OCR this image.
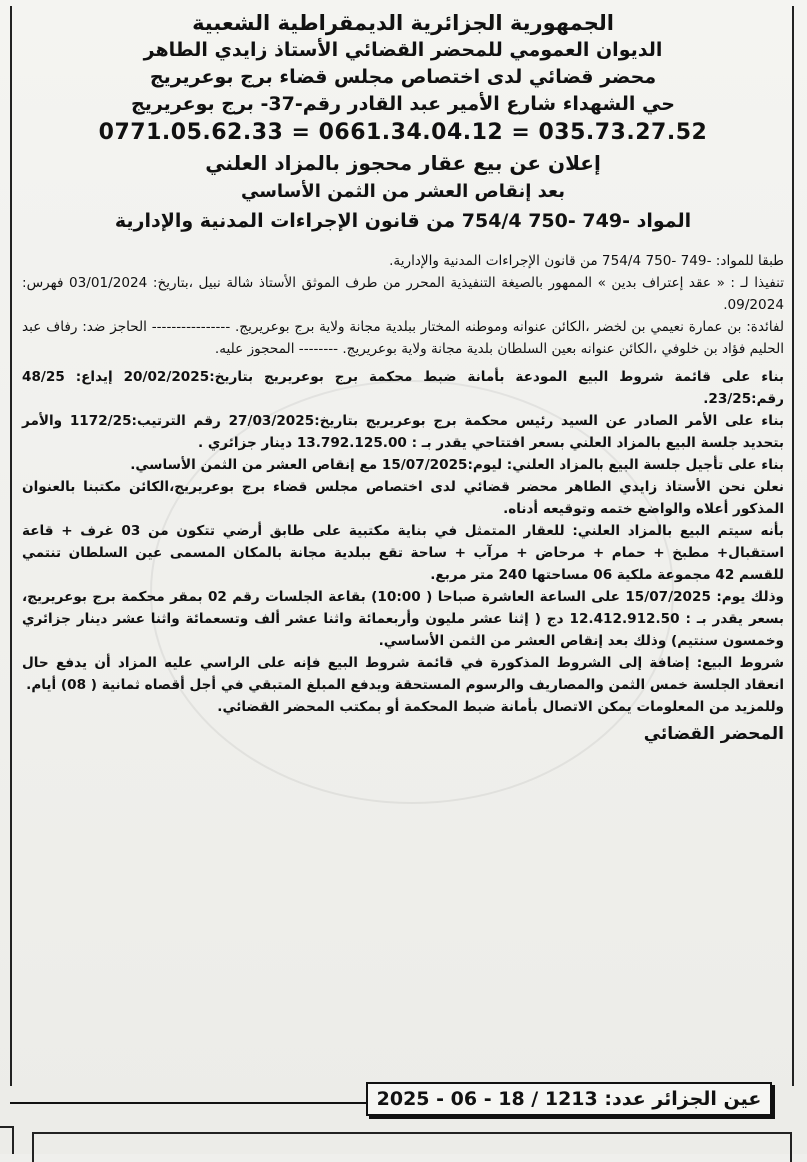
الجمهورية الجزائرية الديمقراطية الشعبية
الديوان العمومي للمحضر القضائي الأستاذ زايدي الطاهر
محضر قضائي لدى اختصاص مجلس قضاء برج بوعريريج
حي الشهداء شارع الأمير عبد القادر رقم-37- برج بوعريريج
0771.05.62.33 = 0661.34.04.12 = 035.73.27.52
إعلان عن بيع عقار محجوز بالمزاد العلني
بعد إنقاص العشر من الثمن الأساسي
المواد -749 -750 754/4 من قانون الإجراءات المدنية والإدارية

طبقا للمواد: -749 -750 754/4 من قانون الإجراءات المدنية والإدارية.

تنفيذا لـ : « عقد إعتراف بدين » الممهور بالصيغة التنفيذية المحرر من طرف الموثق الأستاذ شالة نبيل ،بتاريخ: 03/01/2024 فهرس: 09/2024.

لفائدة: بن عمارة نعيمي بن لخضر ،الكائن عنوانه وموطنه المختار ببلدية مجانة ولاية برج بوعريريج. ---------------- الحاجز ضد: رفاف عبد الحليم فؤاد بن خلوفي ،الكائن عنوانه بعين السلطان بلدية مجانة ولاية بوعريريج. -------- المحجوز عليه.

بناء على قائمة شروط البيع المودعة بأمانة ضبط محكمة برج بوعريريج بتاريخ:20/02/2025 إيداع: 48/25 رقم:23/25.

بناء على الأمر الصادر عن السيد رئيس محكمة برج بوعريريج بتاريخ:27/03/2025 رقم الترتيب:1172/25 والأمر بتحديد جلسة البيع بالمزاد العلني بسعر افتتاحي يقدر بـ : 13.792.125.00 دينار جزائري .

بناء على تأجيل جلسة البيع بالمزاد العلني: ليوم:15/07/2025 مع إنقاص العشر من الثمن الأساسي.

نعلن نحن الأستاذ زايدي الطاهر محضر قضائي لدى اختصاص مجلس قضاء برج بوعريريج،الكائن مكتبنا بالعنوان المذكور أعلاه والواضع ختمه وتوقيعه أدناه.

بأنه سيتم البيع بالمزاد العلني: للعقار المتمثل في بناية مكتبية على طابق أرضي تتكون من 03 غرف + قاعة استقبال+ مطبخ + حمام + مرحاض + مرآب + ساحة تقع ببلدية مجانة بالمكان المسمى عين السلطان تنتمي للقسم 42 مجموعة ملكية 06 مساحتها 240 متر مربع.

وذلك يوم: 15/07/2025 على الساعة العاشرة صباحا ( 10:00) بقاعة الجلسات رقم 02 بمقر محكمة برج بوعريريج، بسعر يقدر بـ : 12.412.912.50 دج ( إثنا عشر مليون وأربعمائة واثنا عشر ألف وتسعمائة واثنا عشر دينار جزائري وخمسون سنتيم) وذلك بعد إنقاص العشر من الثمن الأساسي.

شروط البيع: إضافة إلى الشروط المذكورة في قائمة شروط البيع فإنه على الراسي عليه المزاد أن يدفع حال انعقاد الجلسة خمس الثمن والمصاريف والرسوم المستحقة ويدفع المبلغ المتبقي في أجل أقصاه ثمانية ( 08) أيام.

وللمزيد من المعلومات يمكن الاتصال بأمانة ضبط المحكمة أو بمكتب المحضر القضائي.

المحضر القضائي
عين الجزائر عدد: 1213 / 18 - 06 - 2025
